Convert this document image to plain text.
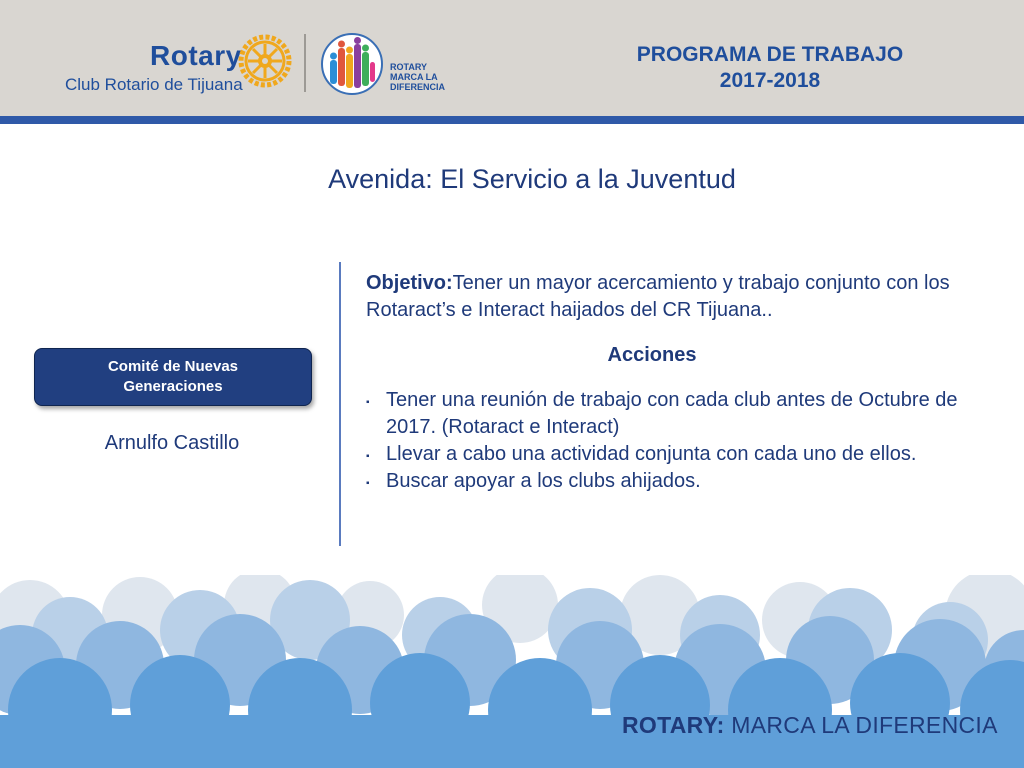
Rotary
Club Rotario de Tijuana
ROTARY
MARCA LA
DIFERENCIA
PROGRAMA DE TRABAJO
2017-2018
Avenida: El Servicio a la Juventud
Comité de Nuevas
Generaciones
Arnulfo Castillo
Objetivo:Tener un mayor acercamiento y trabajo conjunto con los Rotaract’s e Interact haijados del CR Tijuana..
Acciones
▪ Tener una reunión de trabajo con cada club antes de Octubre de 2017. (Rotaract e Interact)
▪ Llevar a cabo una actividad conjunta con cada uno de ellos.
▪ Buscar apoyar a los clubs ahijados.
ROTARY: MARCA LA DIFERENCIA
